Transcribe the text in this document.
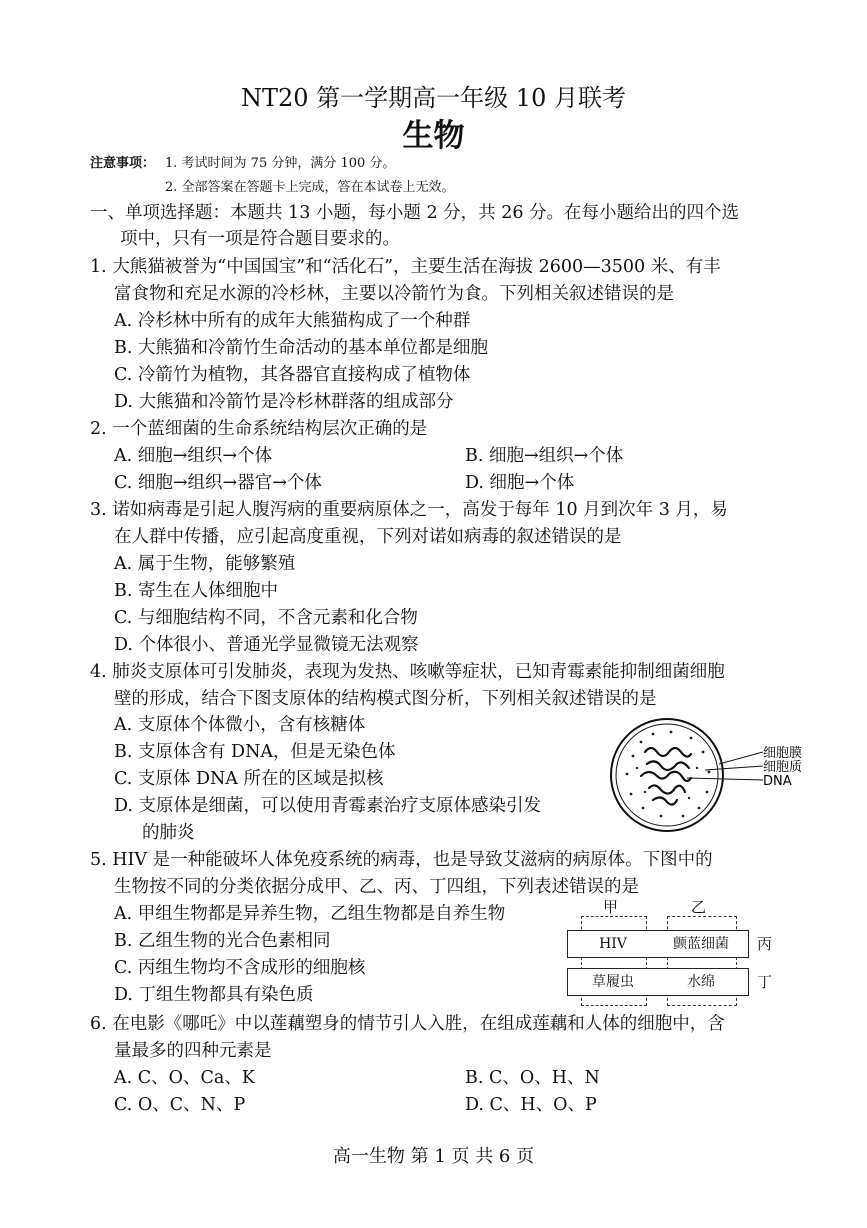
NT20 第一学期高一年级 10 月联考
生物
注意事项： 1. 考试时间为 75 分钟，满分 100 分。
2. 全部答案在答题卡上完成，答在本试卷上无效。
一、单项选择题：本题共 13 小题，每小题 2 分，共 26 分。在每小题给出的四个选
项中，只有一项是符合题目要求的。
1. 大熊猫被誉为“中国国宝”和“活化石”，主要生活在海拔 2600—3500 米、有丰
富食物和充足水源的冷杉林，主要以冷箭竹为食。下列相关叙述错误的是
A. 冷杉林中所有的成年大熊猫构成了一个种群
B. 大熊猫和冷箭竹生命活动的基本单位都是细胞
C. 冷箭竹为植物，其各器官直接构成了植物体
D. 大熊猫和冷箭竹是冷杉林群落的组成部分
2. 一个蓝细菌的生命系统结构层次正确的是
A. 细胞→组织→个体	B. 细胞→组织→个体
C. 细胞→组织→器官→个体	D. 细胞→个体
3. 诺如病毒是引起人腹泻病的重要病原体之一，高发于每年 10 月到次年 3 月，易
在人群中传播，应引起高度重视，下列对诺如病毒的叙述错误的是
A. 属于生物，能够繁殖
B. 寄生在人体细胞中
C. 与细胞结构不同，不含元素和化合物
D. 个体很小、普通光学显微镜无法观察
4. 肺炎支原体可引发肺炎，表现为发热、咳嗽等症状，已知青霉素能抑制细菌细胞
壁的形成，结合下图支原体的结构模式图分析，下列相关叙述错误的是
A. 支原体个体微小，含有核糖体
B. 支原体含有 DNA，但是无染色体
C. 支原体 DNA 所在的区域是拟核
D. 支原体是细菌，可以使用青霉素治疗支原体感染引发
的肺炎
细胞膜
细胞质
DNA
5. HIV 是一种能破坏人体免疫系统的病毒，也是导致艾滋病的病原体。下图中的
生物按不同的分类依据分成甲、乙、丙、丁四组，下列表述错误的是
A. 甲组生物都是异养生物，乙组生物都是自养生物
B. 乙组生物的光合色素相同
C. 丙组生物均不含成形的细胞核
D. 丁组生物都具有染色质
甲	乙
HIV	颤蓝细菌
草履虫	水绵
丙
丁
6. 在电影《哪吒》中以莲藕塑身的情节引人入胜，在组成莲藕和人体的细胞中，含
量最多的四种元素是
A. C、O、Ca、K	B. C、O、H、N
C. O、C、N、P	D. C、H、O、P
高一生物 第 1 页 共 6 页
